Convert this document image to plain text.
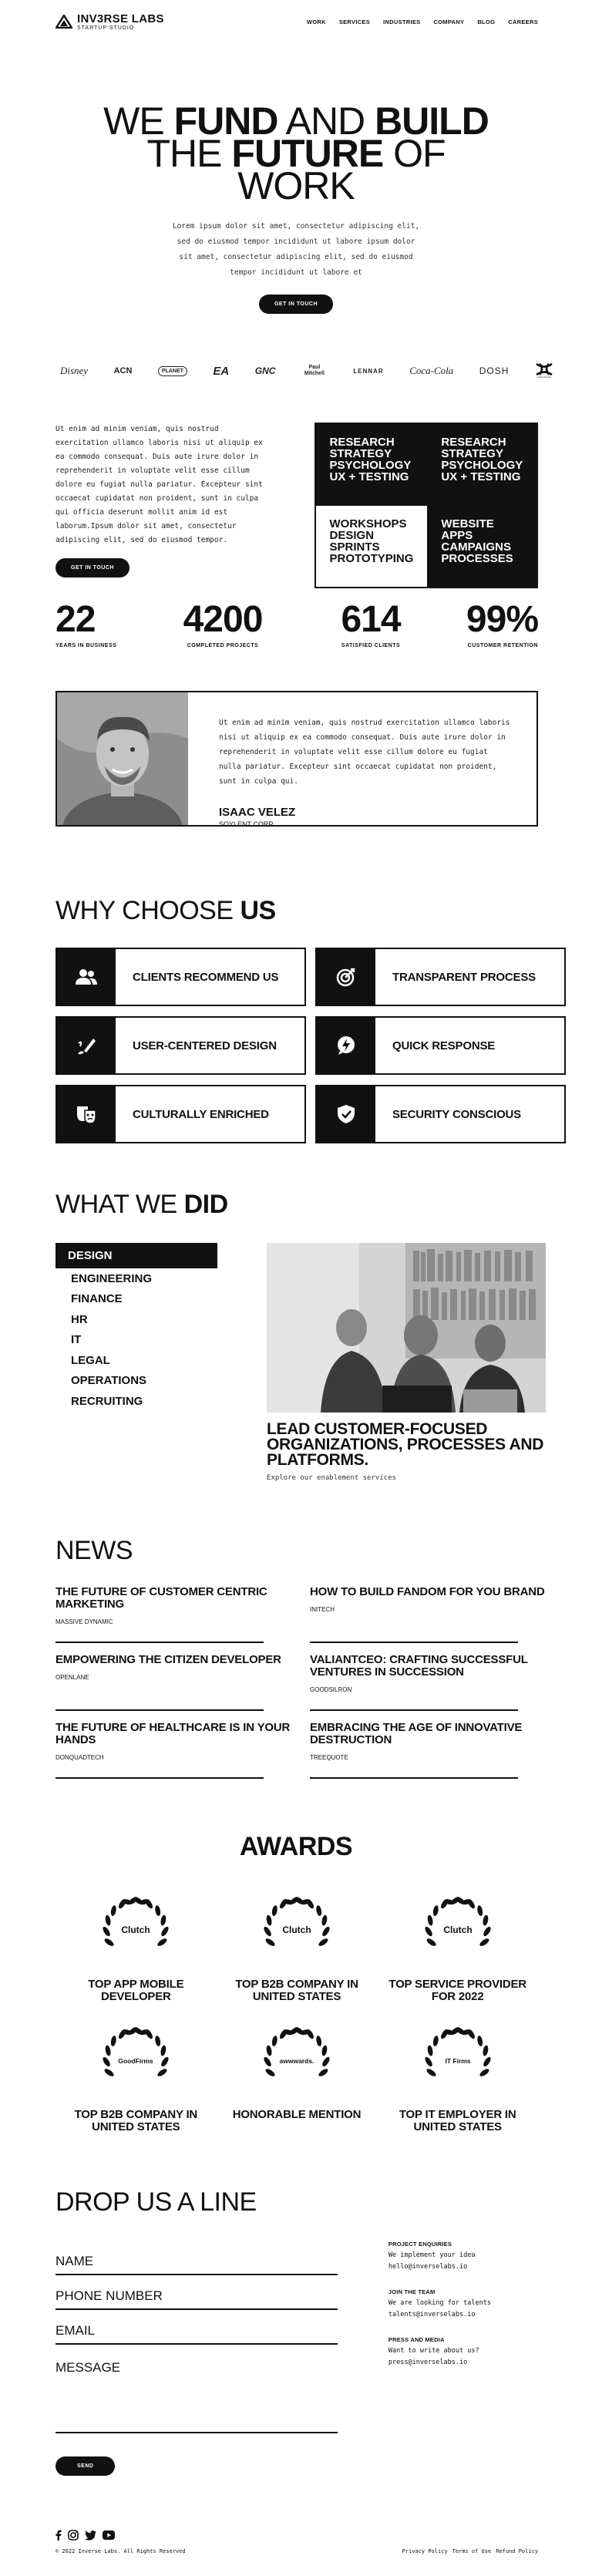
INV3RSE LABS
STARTUP STUDIO
WORK SERVICES INDUSTRIES COMPANY BLOG CAREERS
WE FUND AND BUILD
THE FUTURE OF
WORK

Lorem ipsum dolor sit amet, consectetur adipiscing elit, sed do eiusmod tempor incididunt ut labore ipsum dolor sit amet, consectetur adipiscing elit, sed do eiusmod tempor incididunt ut labore et

GET IN TOUCH
Disney	ACN	PLANET	EA	GNC	Paul Mitchell	LENNAR	Coca-Cola	DOSH
Under Armour

Ut enim ad minim veniam, quis nostrud exercitation ullamco laboris nisi ut aliquip ex ea commodo consequat. Duis aute irure dolor in reprehenderit in voluptate velit esse cillum dolore eu fugiat nulla pariatur. Excepteur sint occaecat cupidatat non proident, sunt in culpa qui officia deserunt mollit anim id est laborum.Ipsum dolor sit amet, consectetur adipiscing elit, sed do eiusmod tempor.

GET IN TOUCH
RESEARCH STRATEGY PSYCHOLOGY UX + TESTING
RESEARCH STRATEGY PSYCHOLOGY UX + TESTING
WORKSHOPS DESIGN SPRINTS PROTOTYPING
WEBSITE APPS CAMPAIGNS PROCESSES
22
YEARS IN BUSINESS
4200
COMPLETED PROJECTS
614
SATISFIED CLIENTS
99%
CUSTOMER RETENTION

Ut enim ad minim veniam, quis nostrud exercitation ullamco laboris nisi ut aliquip ex ea commodo consequat. Duis aute irure dolor in reprehenderit in voluptate velit esse cillum dolore eu fugiat nulla pariatur. Excepteur sint occaecat cupidatat non proident, sunt in culpa qui.

ISAAC VELEZ
SOYLENT CORP
WHY CHOOSE US
CLIENTS RECOMMEND US	TRANSPARENT PROCESS
USER-CENTERED DESIGN	QUICK RESPONSE
CULTURALLY ENRICHED	SECURITY CONSCIOUS
WHAT WE DID
DESIGN
ENGINEERING
FINANCE
HR
IT
LEGAL
OPERATIONS
RECRUITING
LEAD CUSTOMER-FOCUSED ORGANIZATIONS, PROCESSES AND PLATFORMS.
Explore our enablement services
NEWS
THE FUTURE OF CUSTOMER CENTRIC MARKETING
MASSIVE DYNAMIC
HOW TO BUILD FANDOM FOR YOU BRAND
INITECH
EMPOWERING THE CITIZEN DEVELOPER
OPENLANE
VALIANTCEO: CRAFTING SUCCESSFUL VENTURES IN SUCCESSION
GOODSILRON
THE FUTURE OF HEALTHCARE IS IN YOUR HANDS
DONQUADTECH
EMBRACING THE AGE OF INNOVATIVE DESTRUCTION
TREEQUOTE
AWARDS
Clutch
TOP APP MOBILE DEVELOPER
Clutch
TOP B2B COMPANY IN UNITED STATES
Clutch
TOP SERVICE PROVIDER FOR 2022
GoodFirms
TOP B2B COMPANY IN UNITED STATES
awwwards.
HONORABLE MENTION
IT Firms
TOP IT EMPLOYER IN UNITED STATES
DROP US A LINE
NAME
PHONE NUMBER
EMAIL
MESSAGE
SEND
PROJECT ENQUIRIES
We implement your idea
hello@inverselabs.io
JOIN THE TEAM
We are looking for talents
talents@inverselabs.io
PRESS AND MEDIA
Want to write about us?
press@inverselabs.io
© 2022 Inverse Labs. All Rights Reserved	Privacy Policy Terms of Use Refund Policy
